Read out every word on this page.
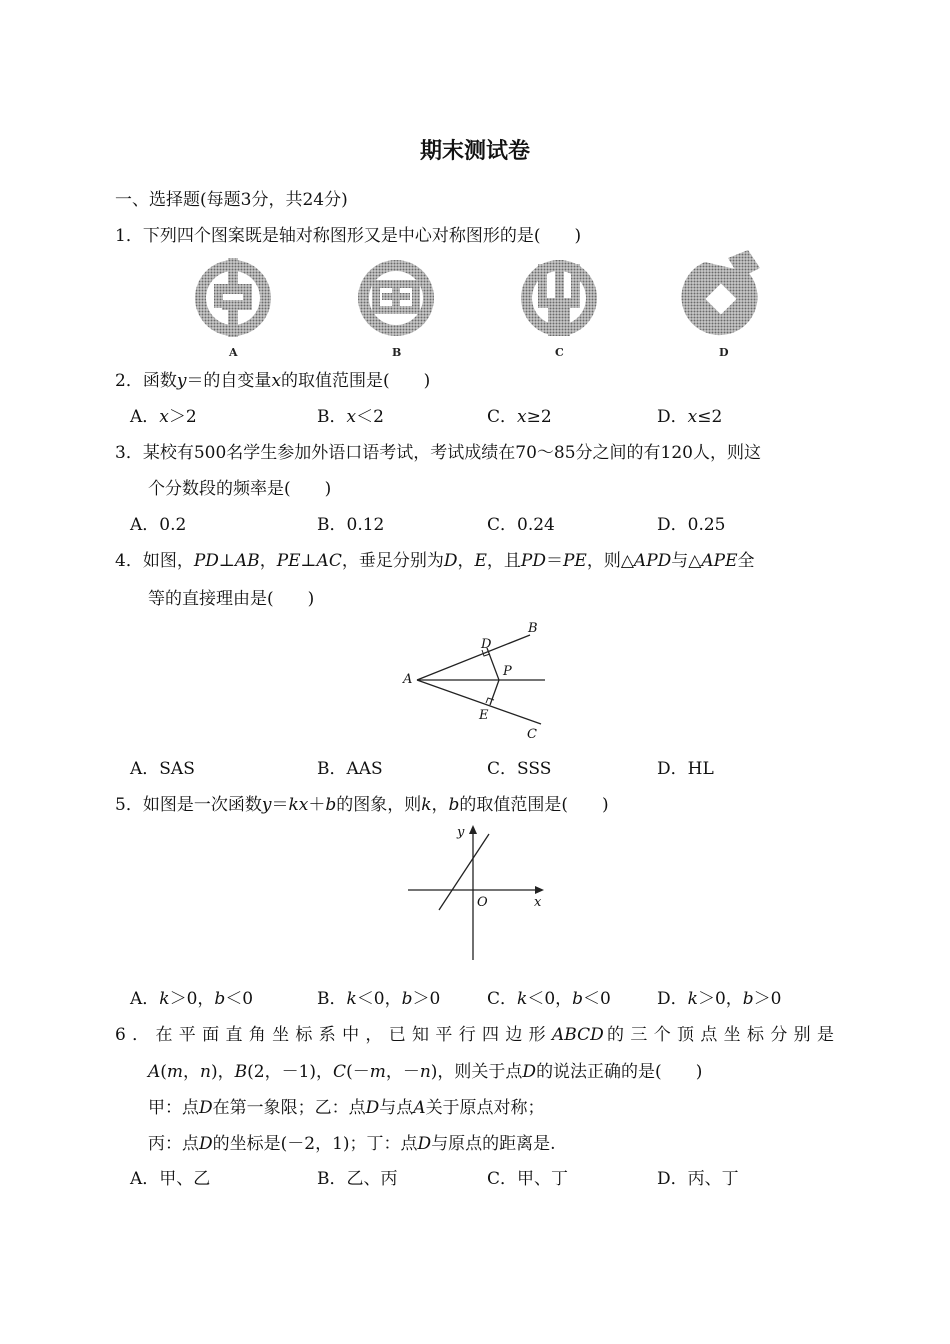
期末测试卷
一、选择题(每题3分，共24分)
1．下列四个图案既是轴对称图形又是中心对称图形的是(　　)
A	B	C	D
2．函数y＝的自变量x的取值范围是(　　)
A．x＞2	B．x＜2	C．x≥2	D．x≤2
3．某校有500名学生参加外语口语考试，考试成绩在70～85分之间的有120人，则这
个分数段的频率是(　　)
A．0.2	B．0.12	C．0.24	D．0.25
4．如图，PD⊥AB，PE⊥AC，垂足分别为D，E，且PD＝PE，则△APD与△APE全
等的直接理由是(　　)
A
B
C
D
E
P
A．SAS	B．AAS	C．SSS	D．HL
5．如图是一次函数y＝kx＋b的图象，则k，b的取值范围是(　　)
y
x
O
A．k＞0，b＜0	B．k＜0，b＞0	C．k＜0，b＜0	D．k＞0，b＞0
6．在平面直角坐标系中，已知平行四边形ABCD的三个顶点坐标分别是
A(m，n)，B(2，－1)，C(－m，－n)，则关于点D的说法正确的是(　　)
甲：点D在第一象限；乙：点D与点A关于原点对称；
丙：点D的坐标是(－2，1)；丁：点D与原点的距离是.
A．甲、乙	B．乙、丙	C．甲、丁	D．丙、丁
